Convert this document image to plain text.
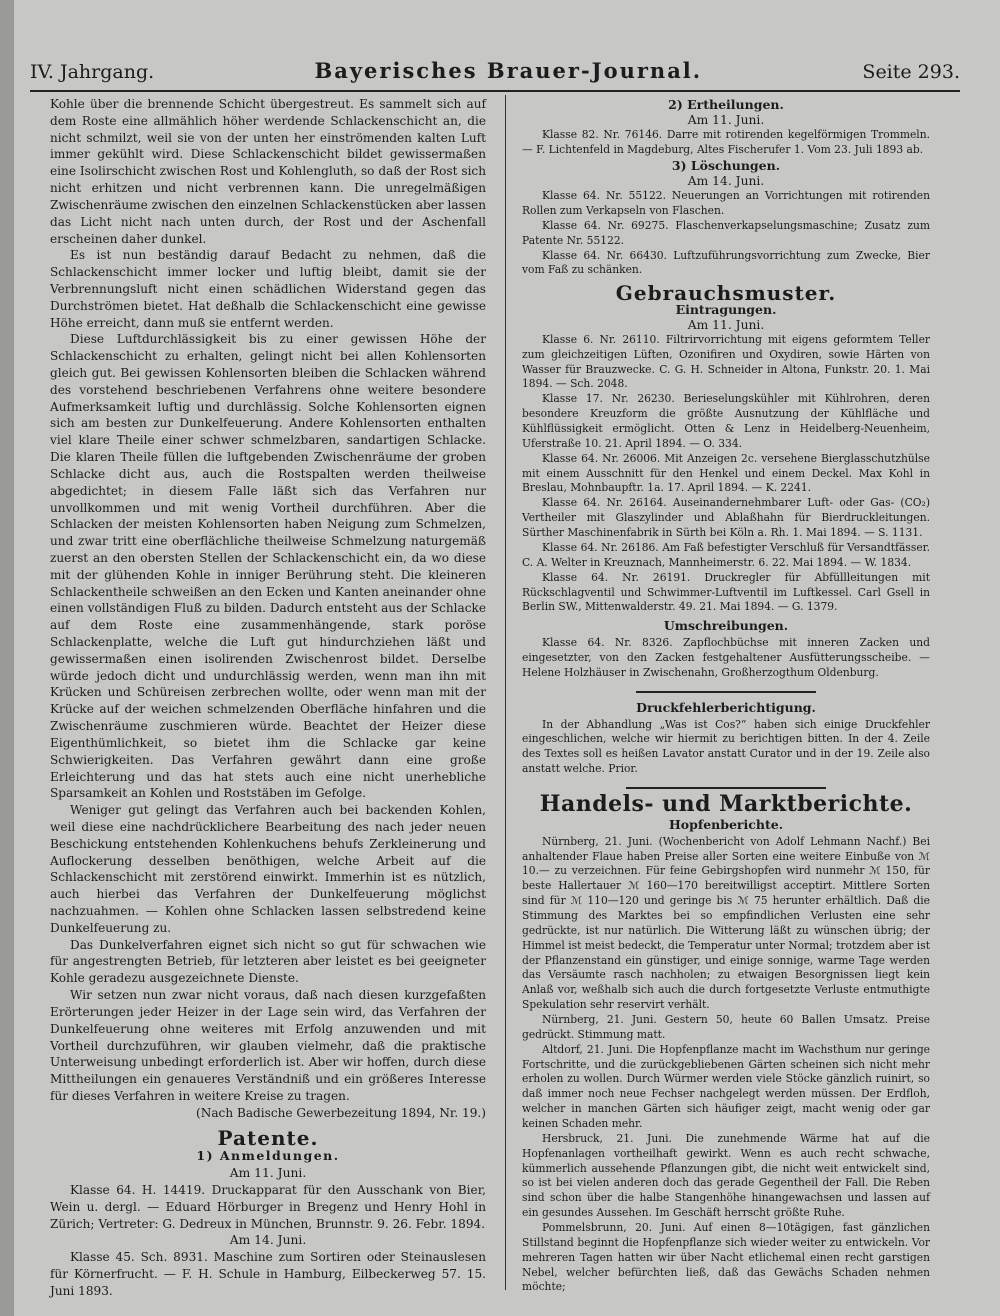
IV. Jahrgang.	Bayerisches Brauer-Journal.	Seite 293.

Kohle über die brennende Schicht übergestreut. Es sammelt sich auf dem Roste eine allmählich höher werdende Schlackenschicht an, die nicht schmilzt, weil sie von der unten her einströmenden kalten Luft immer gekühlt wird. Diese Schlackenschicht bildet gewissermaßen eine Isolirschicht zwischen Rost und Kohlengluth, so daß der Rost sich nicht erhitzen und nicht verbrennen kann. Die unregelmäßigen Zwischenräume zwischen den einzelnen Schlackenstücken aber lassen das Licht nicht nach unten durch, der Rost und der Aschenfall erscheinen daher dunkel.

Es ist nun beständig darauf Bedacht zu nehmen, daß die Schlackenschicht immer locker und luftig bleibt, damit sie der Verbrennungsluft nicht einen schädlichen Widerstand gegen das Durchströmen bietet. Hat deßhalb die Schlackenschicht eine gewisse Höhe erreicht, dann muß sie entfernt werden.

Diese Luftdurchlässigkeit bis zu einer gewissen Höhe der Schlackenschicht zu erhalten, gelingt nicht bei allen Kohlensorten gleich gut. Bei gewissen Kohlensorten bleiben die Schlacken während des vorstehend beschriebenen Verfahrens ohne weitere besondere Aufmerksamkeit luftig und durchlässig. Solche Kohlensorten eignen sich am besten zur Dunkelfeuerung. Andere Kohlensorten enthalten viel klare Theile einer schwer schmelzbaren, sandartigen Schlacke. Die klaren Theile füllen die luftgebenden Zwischenräume der groben Schlacke dicht aus, auch die Rostspalten werden theilweise abgedichtet; in diesem Falle läßt sich das Verfahren nur unvollkommen und mit wenig Vortheil durchführen. Aber die Schlacken der meisten Kohlensorten haben Neigung zum Schmelzen, und zwar tritt eine oberflächliche theilweise Schmelzung naturgemäß zuerst an den obersten Stellen der Schlackenschicht ein, da wo diese mit der glühenden Kohle in inniger Berührung steht. Die kleineren Schlackentheile schweißen an den Ecken und Kanten aneinander ohne einen vollständigen Fluß zu bilden. Dadurch entsteht aus der Schlacke auf dem Roste eine zusammenhängende, stark poröse Schlackenplatte, welche die Luft gut hindurchziehen läßt und gewissermaßen einen isolirenden Zwischenrost bildet. Derselbe würde jedoch dicht und undurchlässig werden, wenn man ihn mit Krücken und Schüreisen zerbrechen wollte, oder wenn man mit der Krücke auf der weichen schmelzenden Oberfläche hinfahren und die Zwischenräume zuschmieren würde. Beachtet der Heizer diese Eigenthümlichkeit, so bietet ihm die Schlacke gar keine Schwierigkeiten. Das Verfahren gewährt dann eine große Erleichterung und das hat stets auch eine nicht unerhebliche Sparsamkeit an Kohlen und Roststäben im Gefolge.

Weniger gut gelingt das Verfahren auch bei backenden Kohlen, weil diese eine nachdrücklichere Bearbeitung des nach jeder neuen Beschickung entstehenden Kohlenkuchens behufs Zerkleinerung und Auflockerung desselben benöthigen, welche Arbeit auf die Schlackenschicht mit zerstörend einwirkt. Immerhin ist es nützlich, auch hierbei das Verfahren der Dunkelfeuerung möglichst nachzuahmen. — Kohlen ohne Schlacken lassen selbstredend keine Dunkelfeuerung zu.

Das Dunkelverfahren eignet sich nicht so gut für schwachen wie für angestrengten Betrieb, für letzteren aber leistet es bei geeigneter Kohle geradezu ausgezeichnete Dienste.

Wir setzen nun zwar nicht voraus, daß nach diesen kurzgefaßten Erörterungen jeder Heizer in der Lage sein wird, das Verfahren der Dunkelfeuerung ohne weiteres mit Erfolg anzuwenden und mit Vortheil durchzuführen, wir glauben vielmehr, daß die praktische Unterweisung unbedingt erforderlich ist. Aber wir hoffen, durch diese Mittheilungen ein genaueres Verständniß und ein größeres Interesse für dieses Verfahren in weitere Kreise zu tragen.

(Nach Badische Gewerbezeitung 1894, Nr. 19.)
Patente.
1) Anmeldungen.
Am 11. Juni.

Klasse 64. H. 14419. Druckapparat für den Ausschank von Bier, Wein u. dergl. — Eduard Hörburger in Bregenz und Henry Hohl in Zürich; Vertreter: G. Dedreux in München, Brunnstr. 9. 26. Febr. 1894.

Am 14. Juni.

Klasse 45. Sch. 8931. Maschine zum Sortiren oder Steinauslesen für Körnerfrucht. — F. H. Schule in Hamburg, Eilbeckerweg 57. 15. Juni 1893.

2) Ertheilungen.
Am 11. Juni.

Klasse 82. Nr. 76146. Darre mit rotirenden kegelförmigen Trommeln. — F. Lichtenfeld in Magdeburg, Altes Fischerufer 1. Vom 23. Juli 1893 ab.

3) Löschungen.
Am 14. Juni.

Klasse 64. Nr. 55122. Neuerungen an Vorrichtungen mit rotirenden Rollen zum Verkapseln von Flaschen.

Klasse 64. Nr. 69275. Flaschenverkapselungsmaschine; Zusatz zum Patente Nr. 55122.

Klasse 64. Nr. 66430. Luftzuführungsvorrichtung zum Zwecke, Bier vom Faß zu schänken.

Gebrauchsmuster.
Eintragungen.
Am 11. Juni.

Klasse 6. Nr. 26110. Filtrirvorrichtung mit eigens geformtem Teller zum gleichzeitigen Lüften, Ozonifiren und Oxydiren, sowie Härten von Wasser für Brauzwecke. C. G. H. Schneider in Altona, Funkstr. 20. 1. Mai 1894. — Sch. 2048.

Klasse 17. Nr. 26230. Berieselungskühler mit Kühlrohren, deren besondere Kreuzform die größte Ausnutzung der Kühlfläche und Kühlflüssigkeit ermöglicht. Otten & Lenz in Heidelberg-Neuenheim, Uferstraße 10. 21. April 1894. — O. 334.

Klasse 64. Nr. 26006. Mit Anzeigen 2c. versehene Bierglasschutzhülse mit einem Ausschnitt für den Henkel und einem Deckel. Max Kohl in Breslau, Mohnbaupftr. 1a. 17. April 1894. — K. 2241.

Klasse 64. Nr. 26164. Auseinandernehmbarer Luft- oder Gas- (CO₂) Vertheiler mit Glaszylinder und Ablaßhahn für Bierdruckleitungen. Sürther Maschinenfabrik in Sürth bei Köln a. Rh. 1. Mai 1894. — S. 1131.

Klasse 64. Nr. 26186. Am Faß befestigter Verschluß für Versandtfässer. C. A. Welter in Kreuznach, Mannheimerstr. 6. 22. Mai 1894. — W. 1834.

Klasse 64. Nr. 26191. Druckregler für Abfüllleitungen mit Rückschlagventil und Schwimmer-Luftventil im Luftkessel. Carl Gsell in Berlin SW., Mittenwalderstr. 49. 21. Mai 1894. — G. 1379.

Umschreibungen.

Klasse 64. Nr. 8326. Zapflochbüchse mit inneren Zacken und eingesetzter, von den Zacken festgehaltener Ausfütterungsscheibe. — Helene Holzhäuser in Zwischenahn, Großherzogthum Oldenburg.

Druckfehlerberichtigung.

In der Abhandlung „Was ist Cos?“ haben sich einige Druckfehler eingeschlichen, welche wir hiermit zu berichtigen bitten. In der 4. Zeile des Textes soll es heißen Lavator anstatt Curator und in der 19. Zeile also anstatt welche. Prior.

Handels- und Marktberichte.
Hopfenberichte.

Nürnberg, 21. Juni. (Wochenbericht von Adolf Lehmann Nachf.) Bei anhaltender Flaue haben Preise aller Sorten eine weitere Einbuße von ℳ 10.— zu verzeichnen. Für feine Gebirgshopfen wird nunmehr ℳ 150, für beste Hallertauer ℳ 160—170 bereitwilligst acceptirt. Mittlere Sorten sind für ℳ 110—120 und geringe bis ℳ 75 herunter erhältlich. Daß die Stimmung des Marktes bei so empfindlichen Verlusten eine sehr gedrückte, ist nur natürlich. Die Witterung läßt zu wünschen übrig; der Himmel ist meist bedeckt, die Temperatur unter Normal; trotzdem aber ist der Pflanzenstand ein günstiger, und einige sonnige, warme Tage werden das Versäumte rasch nachholen; zu etwaigen Besorgnissen liegt kein Anlaß vor, weßhalb sich auch die durch fortgesetzte Verluste entmuthigte Spekulation sehr reservirt verhält.

Nürnberg, 21. Juni. Gestern 50, heute 60 Ballen Umsatz. Preise gedrückt. Stimmung matt.

Altdorf, 21. Juni. Die Hopfenpflanze macht im Wachsthum nur geringe Fortschritte, und die zurückgebliebenen Gärten scheinen sich nicht mehr erholen zu wollen. Durch Würmer werden viele Stöcke gänzlich ruinirt, so daß immer noch neue Fechser nachgelegt werden müssen. Der Erdfloh, welcher in manchen Gärten sich häufiger zeigt, macht wenig oder gar keinen Schaden mehr.

Hersbruck, 21. Juni. Die zunehmende Wärme hat auf die Hopfenanlagen vortheilhaft gewirkt. Wenn es auch recht schwache, kümmerlich aussehende Pflanzungen gibt, die nicht weit entwickelt sind, so ist bei vielen anderen doch das gerade Gegentheil der Fall. Die Reben sind schon über die halbe Stangenhöhe hinangewachsen und lassen auf ein gesundes Aussehen. Im Geschäft herrscht größte Ruhe.

Pommelsbrunn, 20. Juni. Auf einen 8—10tägigen, fast gänzlichen Stillstand beginnt die Hopfenpflanze sich wieder weiter zu entwickeln. Vor mehreren Tagen hatten wir über Nacht etlichemal einen recht garstigen Nebel, welcher befürchten ließ, daß das Gewächs Schaden nehmen möchte;
